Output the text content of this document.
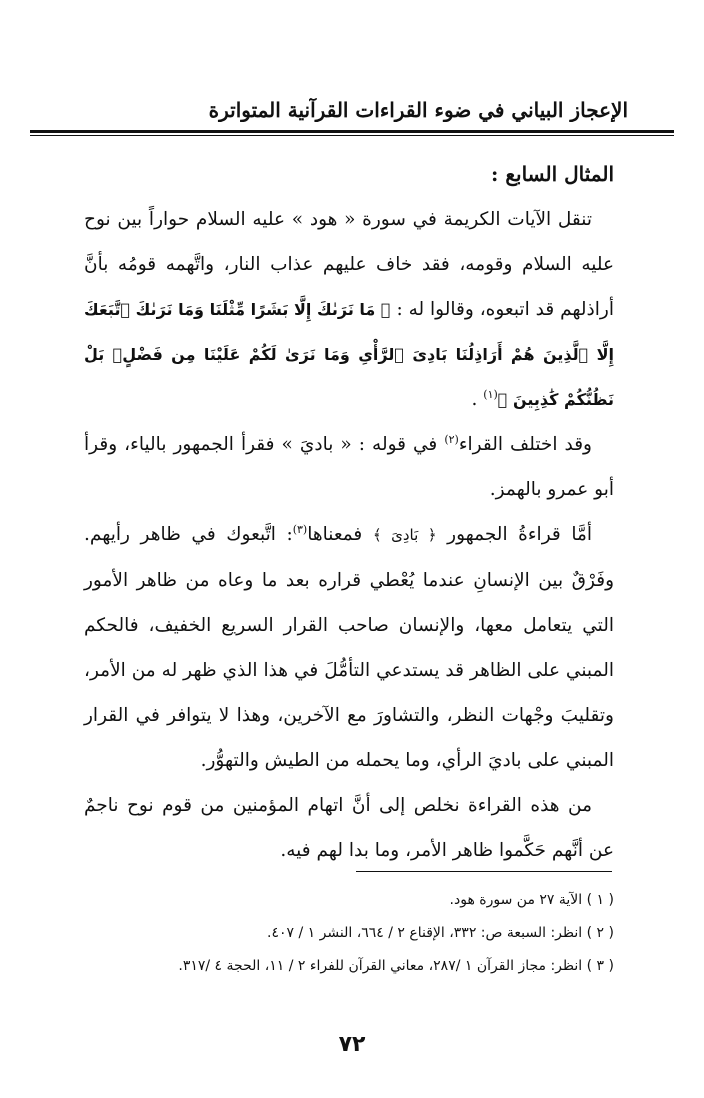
الإعجاز البياني في ضوء القراءات القرآنية المتواترة
المثال السابع :

تنقل الآيات الكريمة في سورة « هود » عليه السلام حواراً بين نوح عليه السلام وقومه، فقد خاف عليهم عذاب النار، واتَّهمه قومُه بأنَّ أراذلهم قد اتبعوه، وقالوا له : ﴿ مَا نَرَىٰكَ إِلَّا بَشَرًا مِّثْلَنَا وَمَا نَرَىٰكَ ٱتَّبَعَكَ إِلَّا ٱلَّذِينَ هُمْ أَرَاذِلُنَا بَادِىَ ٱلرَّأْىِ وَمَا نَرَىٰ لَكُمْ عَلَيْنَا مِن فَضْلٍۭ بَلْ نَظُنُّكُمْ كَٰذِبِينَ ﴾$^{(١)}$ .

وقد اختلف القراء$^{(٢)}$ في قوله : « باديَ » فقرأ الجمهور بالياء، وقرأ أبو عمرو بالهمز.

أمَّا قراءةُ الجمهور ﴿ بَادِىَ ﴾ فمعناها$^{(٣)}$: اتَّبعوك في ظاهر رأيهم. وفَرْقٌ بين الإنسانِ عندما يُعْطي قراره بعد ما وعاه من ظاهر الأمور التي يتعامل معها، والإنسان صاحب القرار السريع الخفيف، فالحكم المبني على الظاهر قد يستدعي التأمُّلَ في هذا الذي ظهر له من الأمر، وتقليبَ وجْهات النظر، والتشاورَ مع الآخرين، وهذا لا يتوافر في القرار المبني على باديَ الرأي، وما يحمله من الطيش والتهوُّر.

من هذه القراءة نخلص إلى أنَّ اتهام المؤمنين من قوم نوح ناجمٌ عن أنَّهم حَكَّموا ظاهر الأمر، وما بدا لهم فيه.

( ١ ) الآية ٢٧ من سورة هود.
( ٢ ) انظر: السبعة ص: ٣٣٢، الإقناع ٢ / ٦٦٤، النشر ١ / ٤٠٧.
( ٣ ) انظر: مجاز القرآن ١ /٢٨٧، معاني القرآن للفراء ٢ / ١١، الحجة ٤ /٣١٧.
٧٢
